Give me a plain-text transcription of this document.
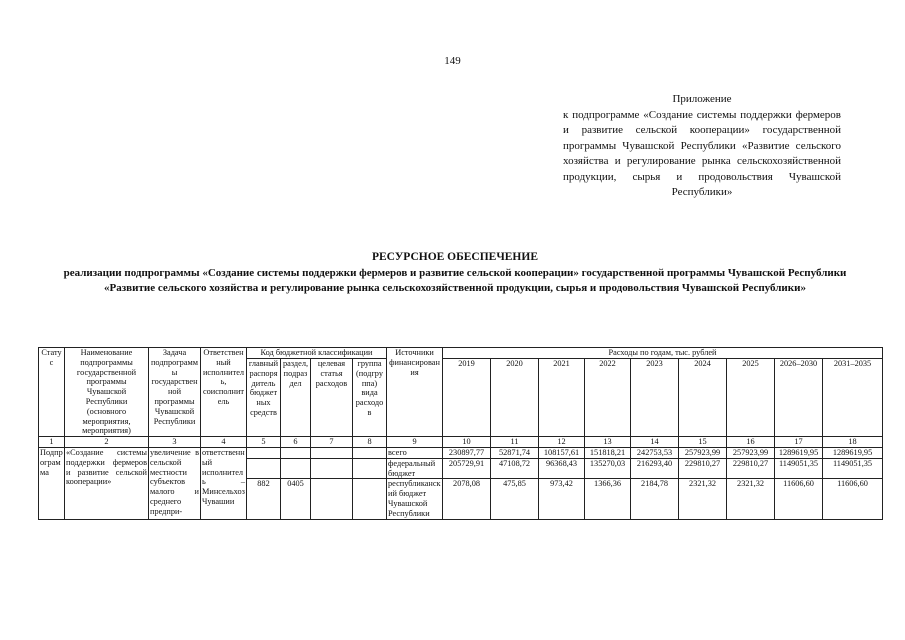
149
Приложение
к подпрограмме «Создание системы поддержки фермеров и развитие сельской кооперации» государственной программы Чувашской Республики «Развитие сельского хозяйства и регулирование рынка сельскохозяйственной продукции, сырья и продовольствия Чувашской Республики»
РЕСУРСНОЕ ОБЕСПЕЧЕНИЕ
реализации подпрограммы «Создание системы поддержки фермеров и развитие сельской кооперации» государственной программы Чувашской Республики «Развитие сельского хозяйства и регулирование рынка сельскохозяйственной продукции, сырья и продовольствия Чувашской Республики»
Статус	Наименование подпрограммы государственной программы Чувашской Республики (основного мероприятия, мероприятия)	Задача подпрограммы государственной программы Чувашской Республики	Ответственный исполнитель, соисполнитель	Код бюджетной классификации				Источники финансирования	Расходы по годам, тыс. рублей								
				главный распорядитель бюджетных средств	раздел, подраздел	целевая статья расходов	группа (подгруппа) вида расходов		2019	2020	2021	2022	2023	2024	2025	2026–2030	2031–2035
1	2	3	4	5	6	7	8	9	10	11	12	13	14	15	16	17	18
Подпрограмма	«Создание системы поддержки фермеров и развитие сельской кооперации»	увеличение в сельской местности субъектов малого и среднего предпри-	ответственный исполнитель – Минсельхоз Чувашии					всего	230897,77	52871,74	108157,61	151818,21	242753,53	257923,99	257923,99	1289619,95	1289619,95
								федеральный бюджет	205729,91	47108,72	96368,43	135270,03	216293,40	229810,27	229810,27	1149051,35	1149051,35
				882	0405			республиканский бюджет Чувашской Республики	2078,08	475,85	973,42	1366,36	2184,78	2321,32	2321,32	11606,60	11606,60
